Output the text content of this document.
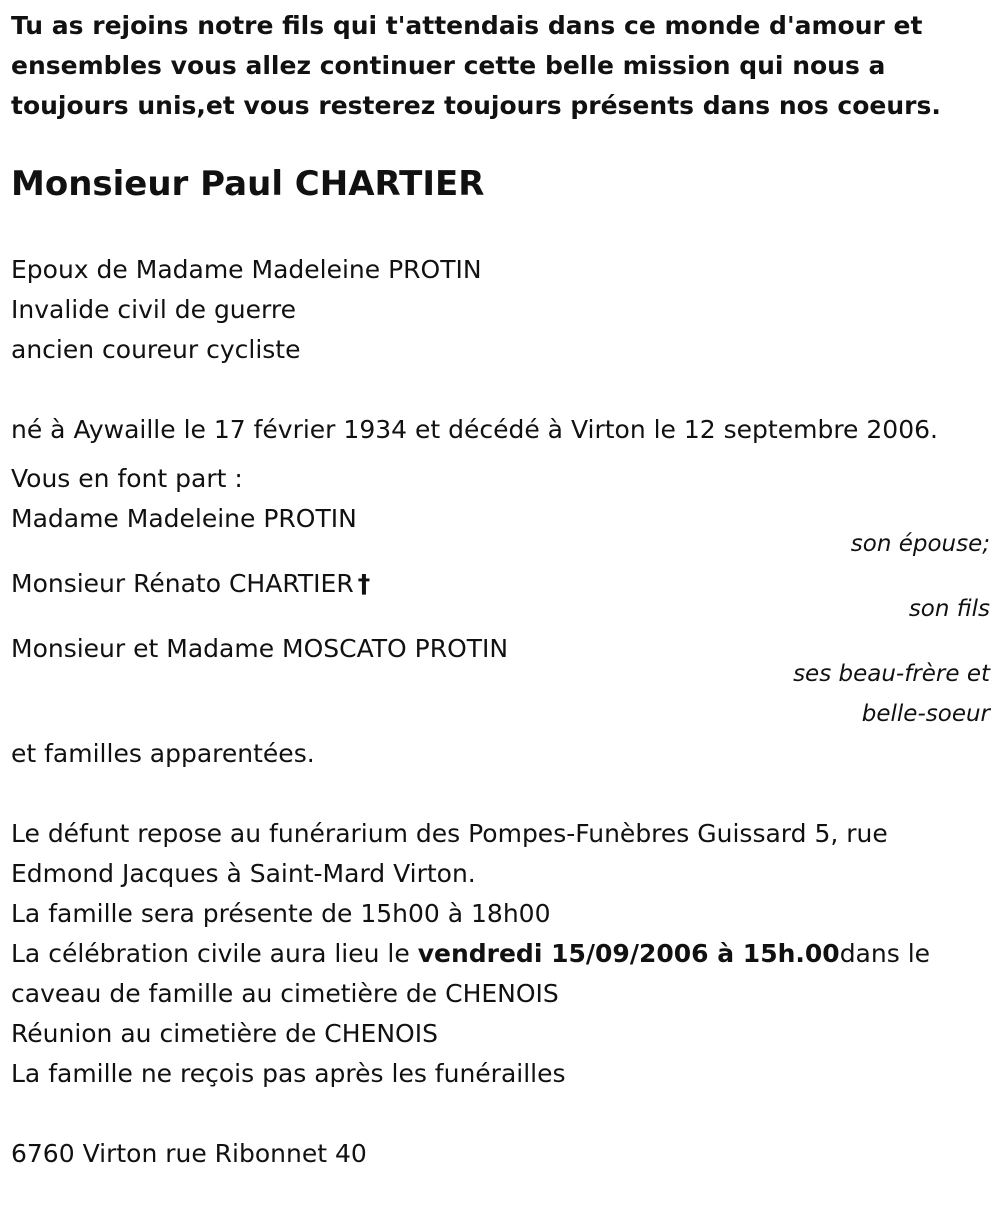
Tu as rejoins notre fils qui t'attendais dans ce monde d'amour et ensembles vous allez continuer cette belle mission qui nous a toujours unis,et vous resterez toujours présents dans nos coeurs.

Monsieur Paul CHARTIER

Epoux de Madame Madeleine PROTIN

Invalide civil de guerre

ancien coureur cycliste

né à Aywaille le 17 février 1934 et décédé à Virton le 12 septembre 2006.

Vous en font part :

Madame Madeleine PROTIN

son épouse;

Monsieur Rénato CHARTIER †

son fils

Monsieur et Madame MOSCATO PROTIN

ses beau-frère et
belle-soeur

et familles apparentées.

Le défunt repose au funérarium des Pompes-Funèbres Guissard 5, rue Edmond Jacques à Saint-Mard Virton.

La famille sera présente de 15h00 à 18h00

La célébration civile aura lieu le vendredi 15/09/2006 à 15h.00dans le caveau de famille au cimetière de CHENOIS

Réunion au cimetière de CHENOIS

La famille ne reçois pas après les funérailles

6760 Virton rue Ribonnet 40
